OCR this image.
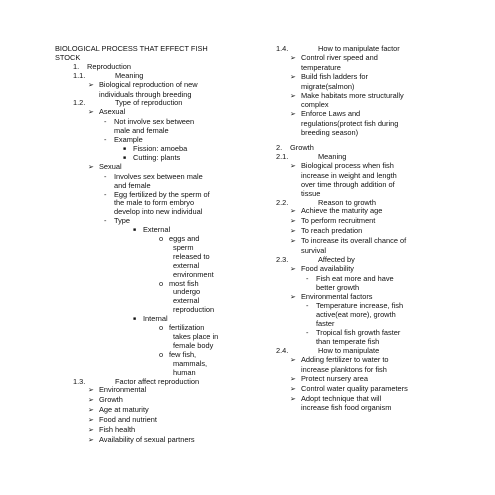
BIOLOGICAL PROCESS THAT EFFECT FISH
STOCK
1. Reproduction
1.1.	Meaning
➢ Biological reproduction of new
individuals through breeding
1.2.	Type of reproduction
➢ Asexual
- Not involve sex between
male and female
- Example
■ Fission: amoeba
■ Cutting: plants
➢ Sexual
- Involves sex between male
and female
- Egg fertilized by the sperm of
the male to form embryo
develop into new individual
- Type
■ External
o eggs and
sperm
released to
external
environment
o most fish
undergo
external
reproduction
■ Internal
o fertilization
takes place in
female body
o few fish,
mammals,
human
1.3.	Factor affect reproduction
➢ Environmental
➢ Growth
➢ Age at maturity
➢ Food and nutrient
➢ Fish health
➢ Availability of sexual partners
1.4.	How to manipulate factor
➢ Control river speed and
temperature
➢ Build fish ladders for
migrate(salmon)
➢ Make habitats more structurally
complex
➢ Enforce Laws and
regulations(protect fish during
breeding season)
2. Growth
2.1.	Meaning
➢ Biological process when fish
increase in weight and length
over time through addition of
tissue
2.2.	Reason to growth
➢ Achieve the maturity age
➢ To perform recruitment
➢ To reach predation
➢ To increase its overall chance of
survival
2.3.	Affected by
➢ Food availability
- Fish eat more and have
better growth
➢ Environmental factors
- Temperature increase, fish
active(eat more), growth
faster
- Tropical fish growth faster
than temperate fish
2.4.	How to manipulate
➢ Adding fertilizer to water to
increase planktons for fish
➢ Protect nursery area
➢ Control water quality parameters
➢ Adopt technique that will
increase fish food organism
